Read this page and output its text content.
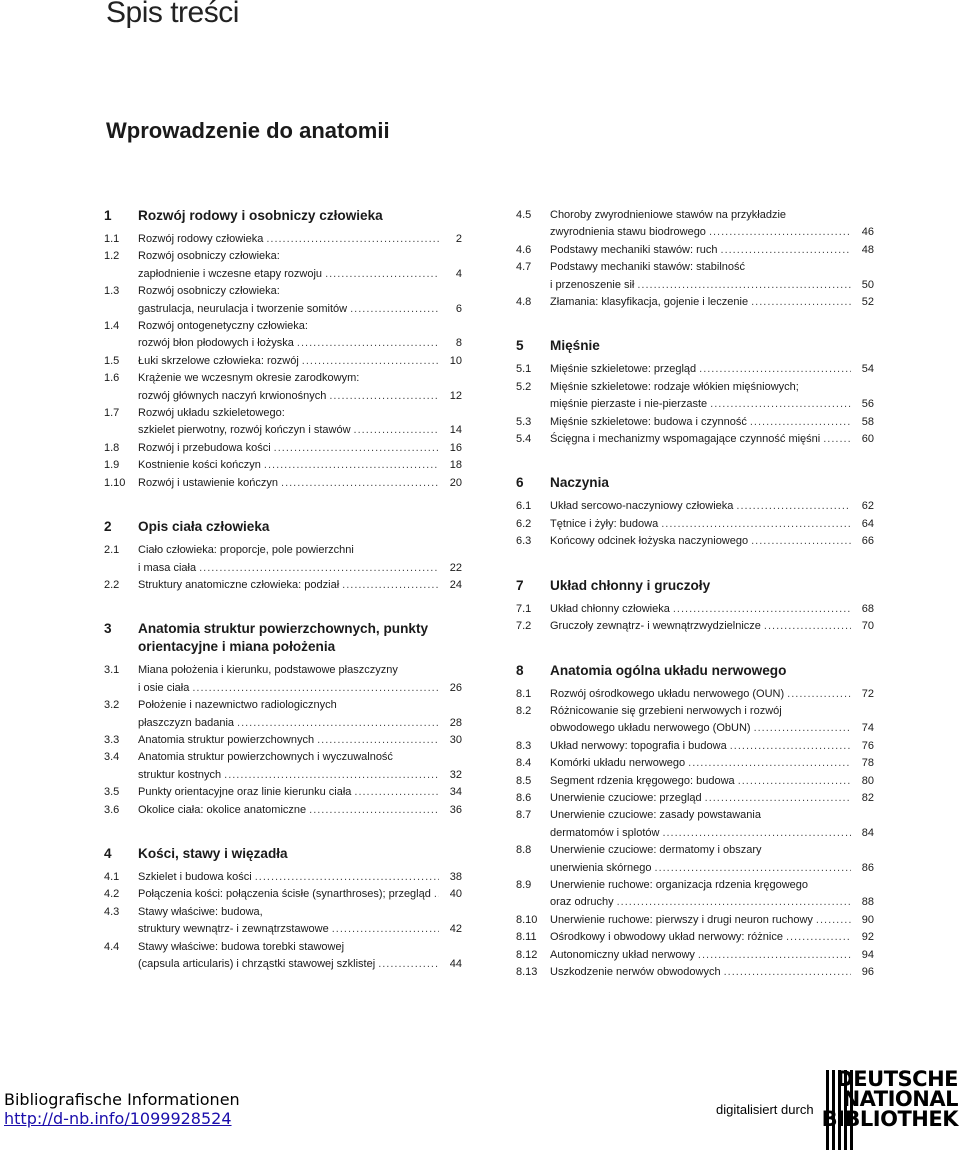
Spis treści
Wprowadzenie do anatomii
1	Rozwój rodowy i osobniczy człowieka
1.1	Rozwój rodowy człowieka .....	2
1.2	Rozwój osobniczy człowieka:
zapłodnienie i wczesne etapy rozwoju .....	4
1.3	Rozwój osobniczy człowieka:
gastrulacja, neurulacja i tworzenie somitów .....	6
1.4	Rozwój ontogenetyczny człowieka:
rozwój błon płodowych i łożyska .....	8
1.5	Łuki skrzelowe człowieka: rozwój .....	10
1.6	Krążenie we wczesnym okresie zarodkowym:
rozwój głównych naczyń krwionośnych .....	12
1.7	Rozwój układu szkieletowego:
szkielet pierwotny, rozwój kończyn i stawów .....	14
1.8	Rozwój i przebudowa kości .....	16
1.9	Kostnienie kości kończyn .....	18
1.10	Rozwój i ustawienie kończyn .....	20
2	Opis ciała człowieka
2.1	Ciało człowieka: proporcje, pole powierzchni
i masa ciała .....	22
2.2	Struktury anatomiczne człowieka: podział .....	24
3	Anatomia struktur powierzchownych, punkty orientacyjne i miana położenia
3.1	Miana położenia i kierunku, podstawowe płaszczyzny
i osie ciała .....	26
3.2	Położenie i nazewnictwo radiologicznych
płaszczyzn badania .....	28
3.3	Anatomia struktur powierzchownych .....	30
3.4	Anatomia struktur powierzchownych i wyczuwalność
struktur kostnych .....	32
3.5	Punkty orientacyjne oraz linie kierunku ciała .....	34
3.6	Okolice ciała: okolice anatomiczne .....	36
4	Kości, stawy i więzadła
4.1	Szkielet i budowa kości .....	38
4.2	Połączenia kości: połączenia ścisłe (synarthroses); przegląd .....	40
4.3	Stawy właściwe: budowa,
struktury wewnątrz- i zewnątrzstawowe .....	42
4.4	Stawy właściwe: budowa torebki stawowej
(capsula articularis) i chrząstki stawowej szklistej .....	44
4.5	Choroby zwyrodnieniowe stawów na przykładzie
zwyrodnienia stawu biodrowego .....	46
4.6	Podstawy mechaniki stawów: ruch .....	48
4.7	Podstawy mechaniki stawów: stabilność
i przenoszenie sił .....	50
4.8	Złamania: klasyfikacja, gojenie i leczenie .....	52
5	Mięśnie
5.1	Mięśnie szkieletowe: przegląd .....	54
5.2	Mięśnie szkieletowe: rodzaje włókien mięśniowych;
mięśnie pierzaste i nie-pierzaste .....	56
5.3	Mięśnie szkieletowe: budowa i czynność .....	58
5.4	Ścięgna i mechanizmy wspomagające czynność mięśni .....	60
6	Naczynia
6.1	Układ sercowo-naczyniowy człowieka .....	62
6.2	Tętnice i żyły: budowa .....	64
6.3	Końcowy odcinek łożyska naczyniowego .....	66
7	Układ chłonny i gruczoły
7.1	Układ chłonny człowieka .....	68
7.2	Gruczoły zewnątrz- i wewnątrzwydzielnicze .....	70
8	Anatomia ogólna układu nerwowego
8.1	Rozwój ośrodkowego układu nerwowego (OUN) .....	72
8.2	Różnicowanie się grzebieni nerwowych i rozwój
obwodowego układu nerwowego (ObUN) .....	74
8.3	Układ nerwowy: topografia i budowa .....	76
8.4	Komórki układu nerwowego .....	78
8.5	Segment rdzenia kręgowego: budowa .....	80
8.6	Unerwienie czuciowe: przegląd .....	82
8.7	Unerwienie czuciowe: zasady powstawania
dermatomów i splotów .....	84
8.8	Unerwienie czuciowe: dermatomy i obszary
unerwienia skórnego .....	86
8.9	Unerwienie ruchowe: organizacja rdzenia kręgowego
oraz odruchy .....	88
8.10	Unerwienie ruchowe: pierwszy i drugi neuron ruchowy .....	90
8.11	Ośrodkowy i obwodowy układ nerwowy: różnice .....	92
8.12	Autonomiczny układ nerwowy .....	94
8.13	Uszkodzenie nerwów obwodowych .....	96
Bibliografische Informationen
http://d-nb.info/1099928524	digitalisiert durch
DEUTSCHE
NATIONAL
BIBLIOTHEK
